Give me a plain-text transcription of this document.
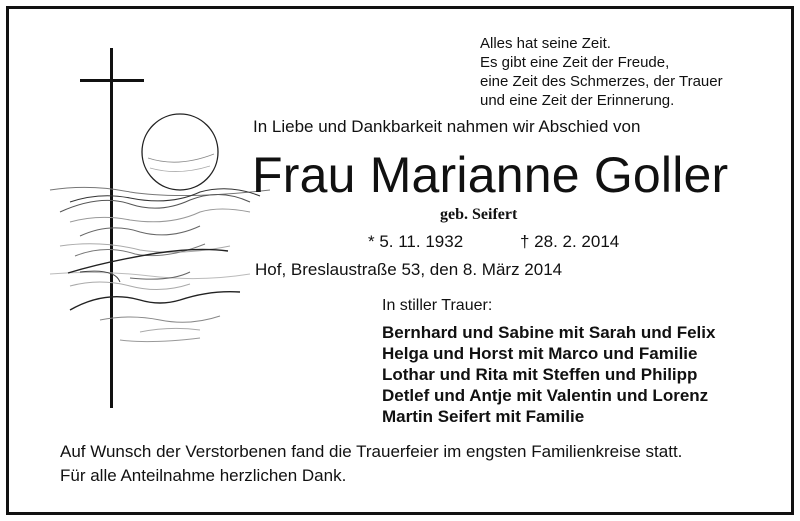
Alles hat seine Zeit.
Es gibt eine Zeit der Freude,
eine Zeit des Schmerzes, der Trauer
und eine Zeit der Erinnerung.
In Liebe und Dankbarkeit nahmen wir Abschied von
Frau Marianne Goller
geb. Seifert
* 5. 11. 1932	† 28. 2. 2014
Hof, Breslaustraße 53, den 8. März 2014
In stiller Trauer:
Bernhard und Sabine mit Sarah und Felix
Helga und Horst mit Marco und Familie
Lothar und Rita mit Steffen und Philipp
Detlef und Antje mit Valentin und Lorenz
Martin Seifert mit Familie
Auf Wunsch der Verstorbenen fand die Trauerfeier im engsten Familienkreise statt.
Für alle Anteilnahme herzlichen Dank.
